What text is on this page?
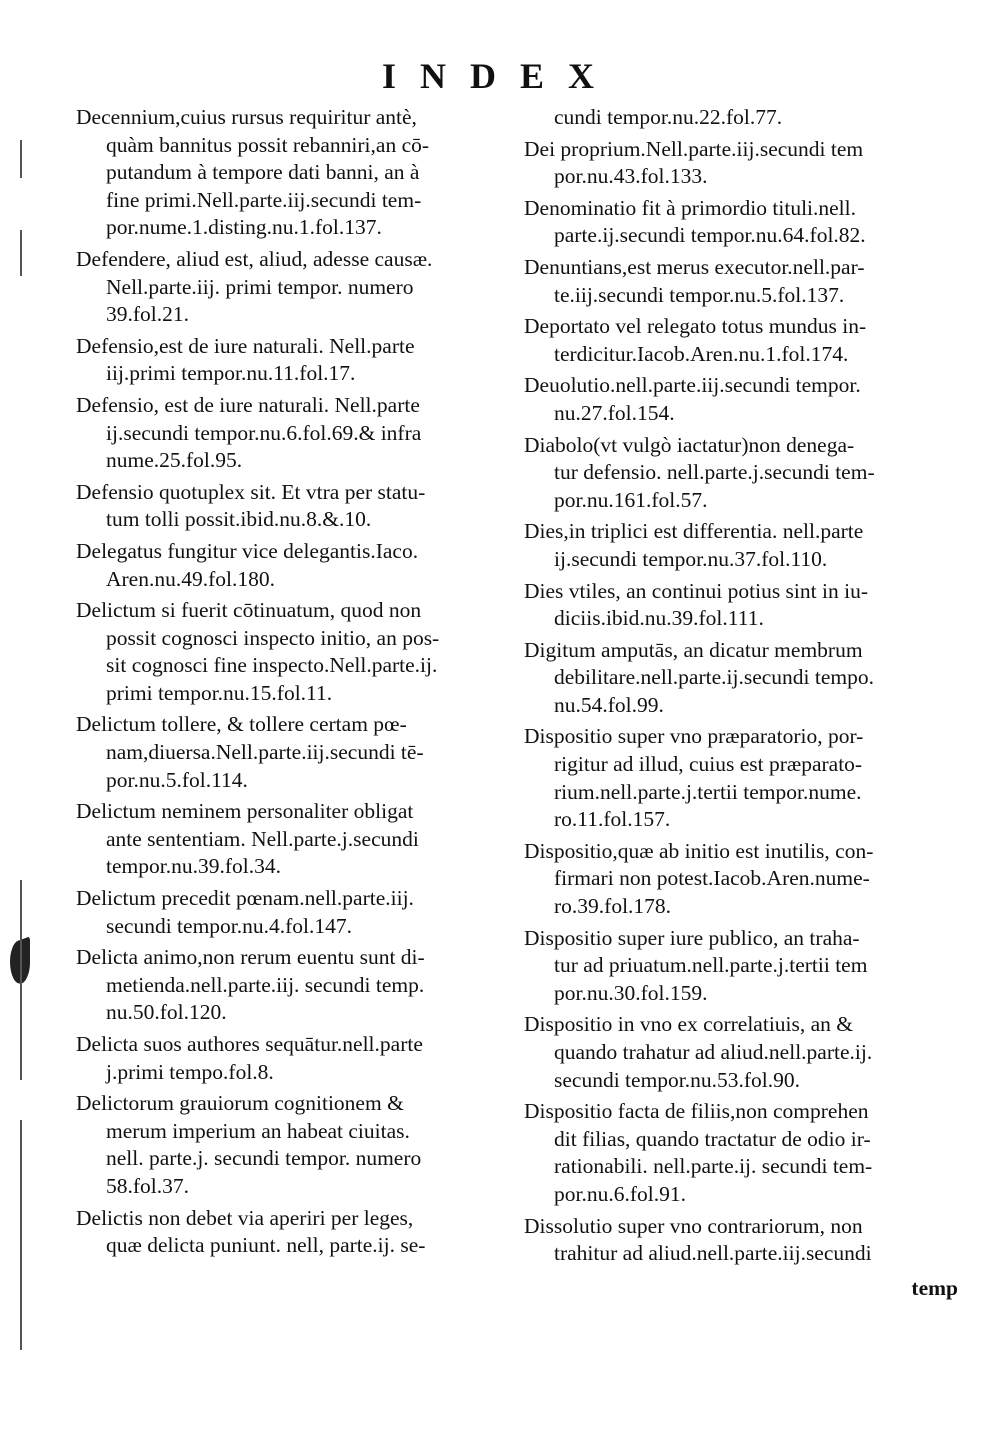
INDEX
Decennium,cuius rursus requiritur antè,
quàm bannitus possit rebanniri,an cō-
putandum à tempore dati banni, an à
fine primi.Nell.parte.iij.secundi tem-
por.nume.1.disting.nu.1.fol.137.
Defendere, aliud est, aliud, adesse causæ.
Nell.parte.iij. primi tempor. numero
39.fol.21.
Defensio,est de iure naturali. Nell.parte
iij.primi tempor.nu.11.fol.17.
Defensio, est de iure naturali. Nell.parte
ij.secundi tempor.nu.6.fol.69.& infra
nume.25.fol.95.
Defensio quotuplex sit. Et vtra per statu-
tum tolli possit.ibid.nu.8.&.10.
Delegatus fungitur vice delegantis.Iaco.
Aren.nu.49.fol.180.
Delictum si fuerit cōtinuatum, quod non
possit cognosci inspecto initio, an pos-
sit cognosci fine inspecto.Nell.parte.ij.
primi tempor.nu.15.fol.11.
Delictum tollere, & tollere certam pœ-
nam,diuersa.Nell.parte.iij.secundi tē-
por.nu.5.fol.114.
Delictum neminem personaliter obligat
ante sententiam. Nell.parte.j.secundi
tempor.nu.39.fol.34.
Delictum precedit pœnam.nell.parte.iij.
secundi tempor.nu.4.fol.147.
Delicta animo,non rerum euentu sunt di-
metienda.nell.parte.iij. secundi temp.
nu.50.fol.120.
Delicta suos authores sequātur.nell.parte
j.primi tempo.fol.8.
Delictorum grauiorum cognitionem &
merum imperium an habeat ciuitas.
nell. parte.j. secundi tempor. numero
58.fol.37.
Delictis non debet via aperiri per leges,
quæ delicta puniunt. nell, parte.ij. se-
cundi tempor.nu.22.fol.77.
Dei proprium.Nell.parte.iij.secundi tem
por.nu.43.fol.133.
Denominatio fit à primordio tituli.nell.
parte.ij.secundi tempor.nu.64.fol.82.
Denuntians,est merus executor.nell.par-
te.iij.secundi tempor.nu.5.fol.137.
Deportato vel relegato totus mundus in-
terdicitur.Iacob.Aren.nu.1.fol.174.
Deuolutio.nell.parte.iij.secundi tempor.
nu.27.fol.154.
Diabolo(vt vulgò iactatur)non denega-
tur defensio. nell.parte.j.secundi tem-
por.nu.161.fol.57.
Dies,in triplici est differentia. nell.parte
ij.secundi tempor.nu.37.fol.110.
Dies vtiles, an continui potius sint in iu-
diciis.ibid.nu.39.fol.111.
Digitum amputās, an dicatur membrum
debilitare.nell.parte.ij.secundi tempo.
nu.54.fol.99.
Dispositio super vno præparatorio, por-
rigitur ad illud, cuius est præparato-
rium.nell.parte.j.tertii tempor.nume.
ro.11.fol.157.
Dispositio,quæ ab initio est inutilis, con-
firmari non potest.Iacob.Aren.nume-
ro.39.fol.178.
Dispositio super iure publico, an traha-
tur ad priuatum.nell.parte.j.tertii tem
por.nu.30.fol.159.
Dispositio in vno ex correlatiuis, an &
quando trahatur ad aliud.nell.parte.ij.
secundi tempor.nu.53.fol.90.
Dispositio facta de filiis,non comprehen
dit filias, quando tractatur de odio ir-
rationabili. nell.parte.ij. secundi tem-
por.nu.6.fol.91.
Dissolutio super vno contrariorum, non
trahitur ad aliud.nell.parte.iij.secundi
temp
